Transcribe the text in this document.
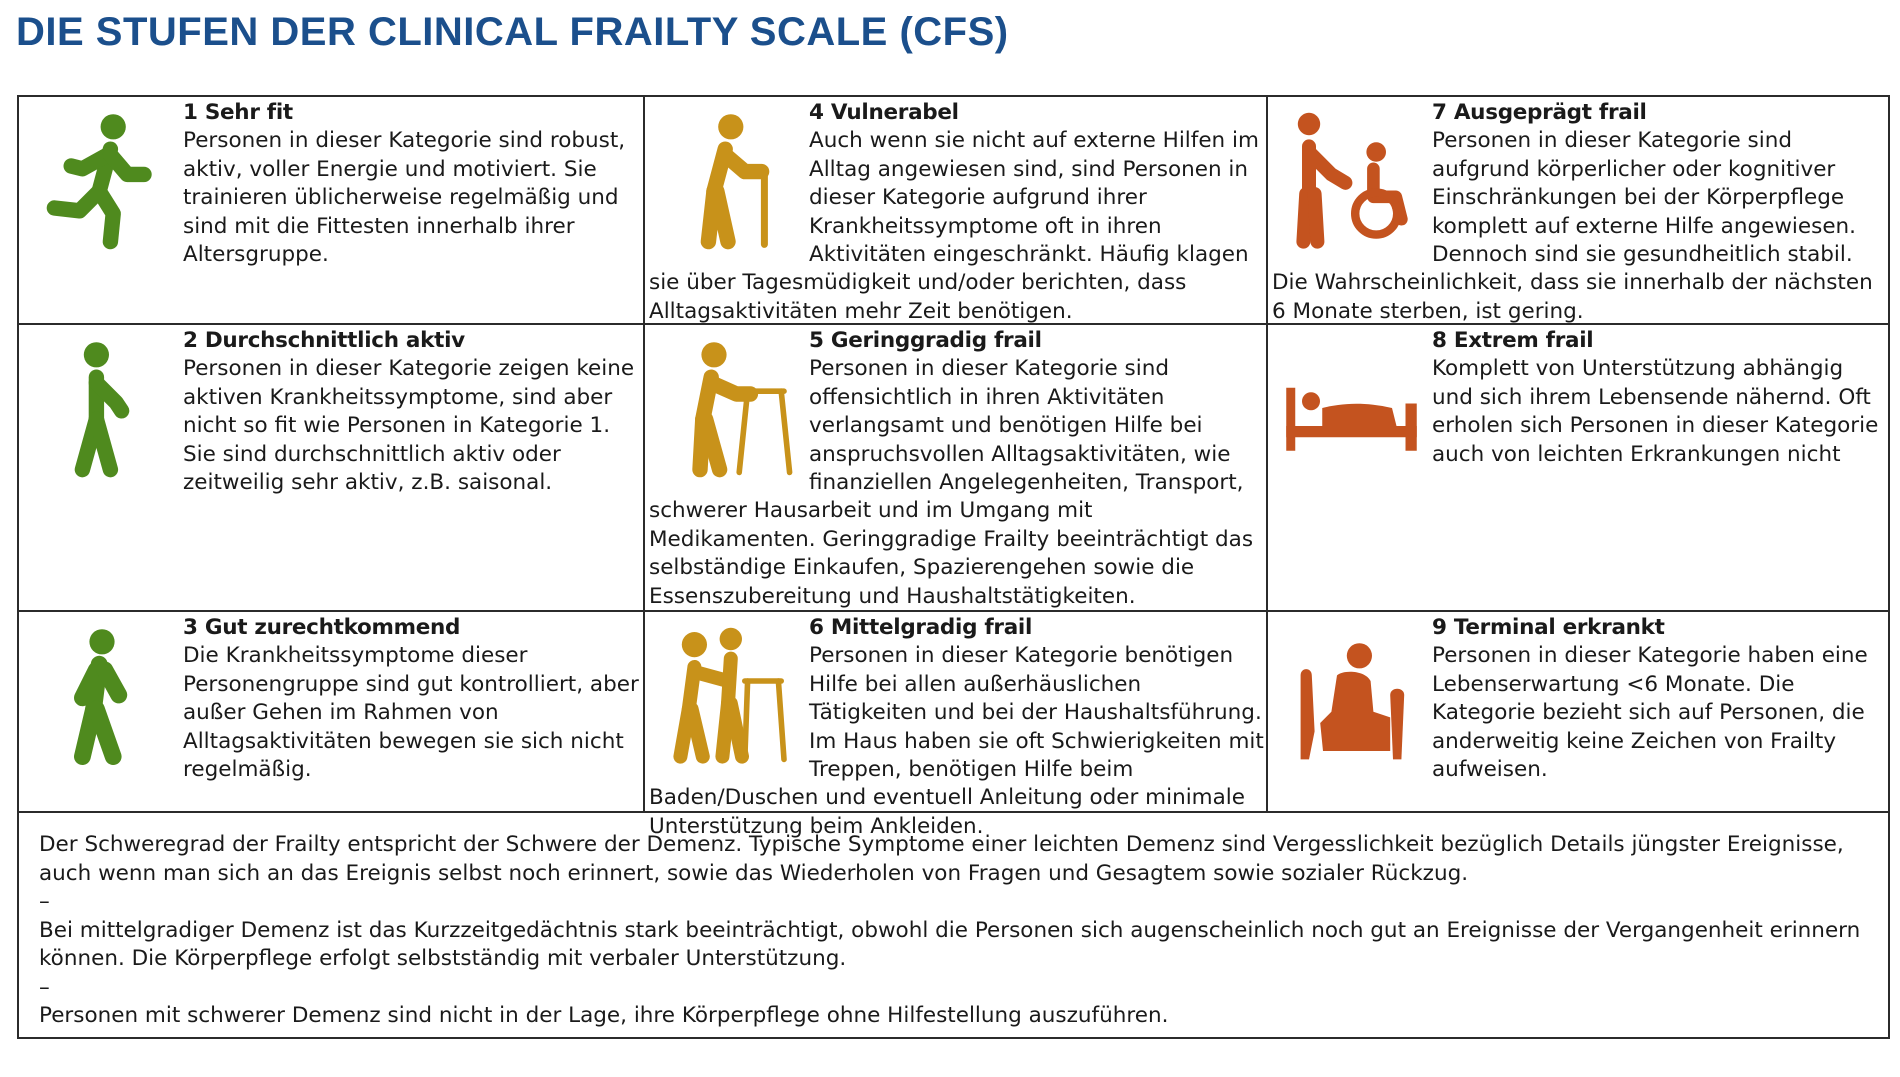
DIE STUFEN DER CLINICAL FRAILTY SCALE (CFS)
1 Sehr fit
Personen in dieser Kategorie sind robust, aktiv, voller Energie und motiviert. Sie trainieren üblicherweise regelmäßig und sind mit die Fittesten innerhalb ihrer Altersgruppe.
4 Vulnerabel
Auch wenn sie nicht auf externe Hilfen im Alltag angewiesen sind, sind Personen in dieser Kategorie aufgrund ihrer Krankheitssymptome oft in ihren Aktivitäten eingeschränkt. Häufig klagen sie über Tagesmüdigkeit und/oder berichten, dass Alltagsaktivitäten mehr Zeit benötigen.
7 Ausgeprägt frail
Personen in dieser Kategorie sind aufgrund körperlicher oder kognitiver Einschränkungen bei der Körperpflege komplett auf externe Hilfe angewiesen. Dennoch sind sie gesundheitlich stabil. Die Wahrscheinlichkeit, dass sie innerhalb der nächsten 6 Monate sterben, ist gering.
2 Durchschnittlich aktiv
Personen in dieser Kategorie zeigen keine aktiven Krankheitssymptome, sind aber nicht so fit wie Personen in Kategorie 1. Sie sind durchschnittlich aktiv oder zeitweilig sehr aktiv, z.B. saisonal.
5 Geringgradig frail
Personen in dieser Kategorie sind offensichtlich in ihren Aktivitäten verlangsamt und benötigen Hilfe bei anspruchsvollen Alltagsaktivitäten, wie finanziellen Angelegenheiten, Transport, schwerer Hausarbeit und im Umgang mit Medikamenten. Geringgradige Frailty beeinträchtigt das selbständige Einkaufen, Spazierengehen sowie die Essenszubereitung und Haushaltstätigkeiten.
8 Extrem frail
Komplett von Unterstützung abhängig und sich ihrem Lebensende nähernd. Oft erholen sich Personen in dieser Kategorie auch von leichten Erkrankungen nicht
3 Gut zurechtkommend
Die Krankheitssymptome dieser Personengruppe sind gut kontrolliert, aber außer Gehen im Rahmen von Alltagsaktivitäten bewegen sie sich nicht regelmäßig.
6 Mittelgradig frail
Personen in dieser Kategorie benötigen Hilfe bei allen außerhäuslichen Tätigkeiten und bei der Haushaltsführung. Im Haus haben sie oft Schwierigkeiten mit Treppen, benötigen Hilfe beim Baden/Duschen und eventuell Anleitung oder minimale Unterstützung beim Ankleiden.
9 Terminal erkrankt
Personen in dieser Kategorie haben eine Lebenserwartung <6 Monate. Die Kategorie bezieht sich auf Personen, die anderweitig keine Zeichen von Frailty aufweisen.

Der Schweregrad der Frailty entspricht der Schwere der Demenz. Typische Symptome einer leichten Demenz sind Vergesslichkeit bezüglich Details jüngster Ereignisse, auch wenn man sich an das Ereignis selbst noch erinnert, sowie das Wiederholen von Fragen und Gesagtem sowie sozialer Rückzug.

–

Bei mittelgradiger Demenz ist das Kurzzeitgedächtnis stark beeinträchtigt, obwohl die Personen sich augenscheinlich noch gut an Ereignisse der Vergangenheit erinnern können. Die Körperpflege erfolgt selbstständig mit verbaler Unterstützung.

–

Personen mit schwerer Demenz sind nicht in der Lage, ihre Körperpflege ohne Hilfestellung auszuführen.
